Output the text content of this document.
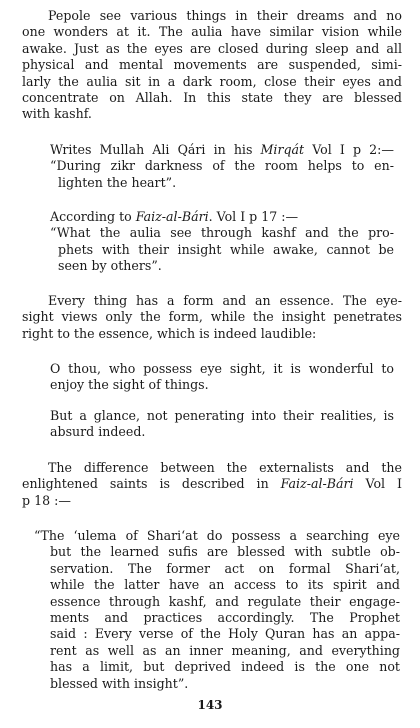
Pepole see various things in their dreams and no
one wonders at it. The aulia have similar vision while
awake. Just as the eyes are closed during sleep and all
physical and mental movements are suspended, simi-
larly the aulia sit in a dark room, close their eyes and
concentrate on Allah. In this state they are blessed
with kashf.
Writes Mullah Ali Qári in his Mirqát Vol I p 2:—
“During zikr darkness of the room helps to en-
lighten the heart”.
According to Faiz-al-Bári. Vol I p 17 :—
“What the aulia see through kashf and the pro-
phets with their insight while awake, cannot be
seen by others”.
Every thing has a form and an essence. The eye-
sight views only the form, while the insight penetrates
right to the essence, which is indeed laudible:
O thou, who possess eye sight, it is wonderful to
enjoy the sight of things.
But a glance, not penerating into their realities, is
absurd indeed.
The difference between the externalists and the
enlightened saints is described in Faiz-al-Bári Vol I
p 18 :—
“The ‘ulema of Shari‘at do possess a searching eye
but the learned sufis are blessed with subtle ob-
servation. The former act on formal Shari‘at,
while the latter have an access to its spirit and
essence through kashf, and regulate their engage-
ments and practices accordingly. The Prophet
said : Every verse of the Holy Quran has an appa-
rent as well as an inner meaning, and everything
has a limit, but deprived indeed is the one not
blessed with insight”.
143
